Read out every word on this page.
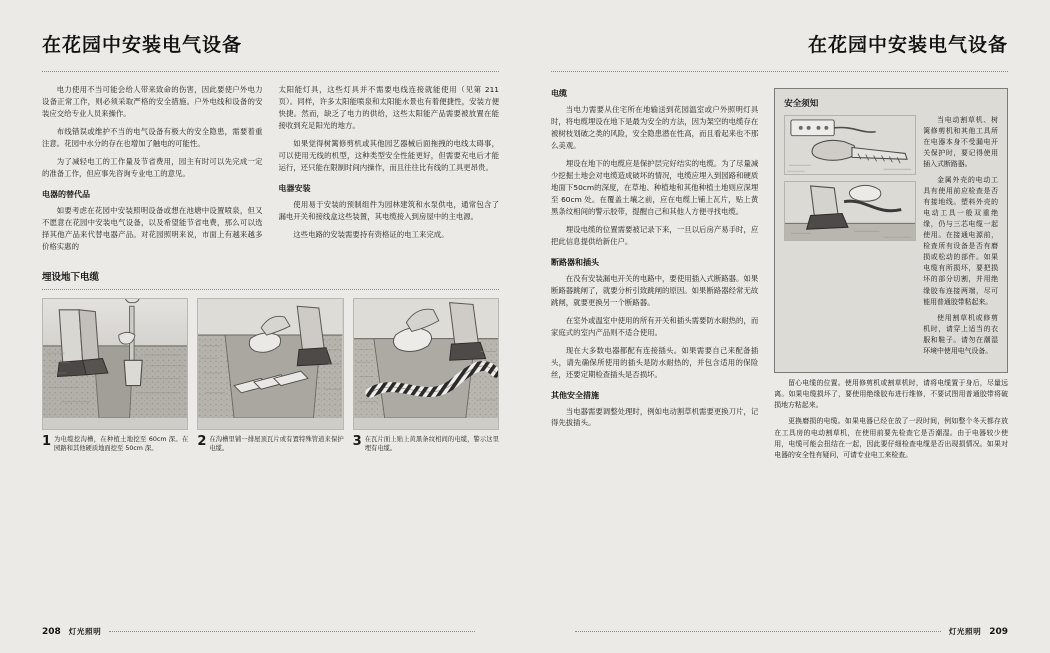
在花园中安装电气设备

电力使用不当可能会给人带来致命的伤害，因此要使户外电力设备正常工作，则必须采取严格的安全措施。户外电线和设备的安装应交给专业人员来操作。

布线错误或维护不当的电气设备有极大的安全隐患，需要着重注意。花园中水分的存在也增加了触电的可能性。

为了减轻电工的工作量及节省费用，园主有时可以先完成一定的准备工作，但应事先咨询专业电工的意见。

电器的替代品

如要考虑在花园中安装照明设备或想在池塘中设置喷泉，但又不愿意在花园中安装电气设备，以及希望能节省电费，那么可以选择其他产品来代替电器产品。对花园照明来说，市面上有越来越多价格实惠的

太阳能灯具，这些灯具并不需要电线连接就能使用（见第 211 页）。同样，许多太阳能喷泉和太阳能水景也有着便捷性，安装方便快捷。然而，缺乏了电力的供给，这些太阳能产品需要被放置在能接收到充足阳光的地方。

如果觉得树篱修剪机或其他园艺器械后面拖拽的电线太碍事，可以使用无线的机型，这种类型安全性能更好，但需要充电后才能运行，还只能在限制时间内操作，而且往往比有线的工具更昂贵。

电器安装

使用易于安装的预制组件为园林建筑和水泵供电，通常包含了漏电开关和接线盒这些装置，其电缆接入到房屋中的主电源。

这些电路的安装需要持有资格证的电工来完成。

埋设地下电缆
1 为电缆挖沟槽，在种植土地挖至 60cm 深。在园路和其他硬质地面挖至 50cm 深。	2 在沟槽里铺一排屋顶瓦片或有置特殊管道来保护电缆。	3 在瓦片面上贴上黄黑条纹相间的电缆，警示这里埋有电缆。
208 灯光照明
在花园中安装电气设备
电缆

当电力需要从住宅所在地输送到花园温室或户外照明灯具时，将电缆埋设在地下是最为安全的方法，因为架空的电缆存在被树枝划破之类的风险，安全隐患潜在性高，而且看起来也不那么美观。

埋设在地下的电缆应是保护层完好结实的电缆。为了尽量减少挖掘土地会对电缆造成破坏的情况，电缆应埋入到园路和硬质地面下50cm的深度，在草地、种植地和其他种植土地则应深埋至 60cm 处。在覆盖土壤之前，应在电缆上铺上瓦片，贴上黄黑条纹相间的警示胶带，提醒自己和其他人方便寻找电缆。

埋设电缆的位置需要被记录下来，一旦以后房产易手时，应把此信息提供给新住户。

断路器和插头

在没有安装漏电开关的电路中，要使用插入式断路器。如果断路器跳闸了，就要分析引致跳闸的原因。如果断路器经常无故跳闸，就要更换另一个断路器。

在室外或温室中使用的所有开关和插头需要防水耐热的，而家庭式的室内产品则不适合使用。

现在大多数电器都配有连接插头。如果需要自己来配备插头，请先确保所使用的插头是防水耐热的，并包含适用的保险丝，还要定期检查插头是否损坏。

其他安全措施

当电器需要调整处理时，例如电动割草机需要更换刀片，记得先拔插头。

安全须知

当电动割草机、树篱修剪机和其他工具所在电器本身不受漏电开关保护时，要记得使用插入式断路器。

金属外壳的电动工具有使用前应检查是否有接地线。塑料外壳的电动工具一般双重绝缘，仍与三芯电缆一起使用。在接通电源前，检查所有设备是否有磨损或松动的部件。如果电缆有所损坏，要把损坏的部分切割，并用绝缘胶布连接两端，尽可能用普通胶带粘起来。

使用割草机或修剪机时，请穿上适当的衣服和鞋子。请勿在潮湿环境中使用电气设备。

留心电缆的位置。使用修剪机或割草机时，请将电缆置于身后，尽量远离。如果电缆损坏了，要使用绝缘胶布进行维修，不要试图用普通胶带将破损地方粘起来。

更换磨损的电缆。如果电器已经在放了一段时间，例如整个冬天都存放在工具房的电动割草机，在使用前要先检查它是否潮湿。由于电器较少使用，电缆可能会扭结在一起，因此要仔细检查电缆是否出现损情况。如果对电器的安全性有疑问，可请专业电工来检查。

灯光照明 209
